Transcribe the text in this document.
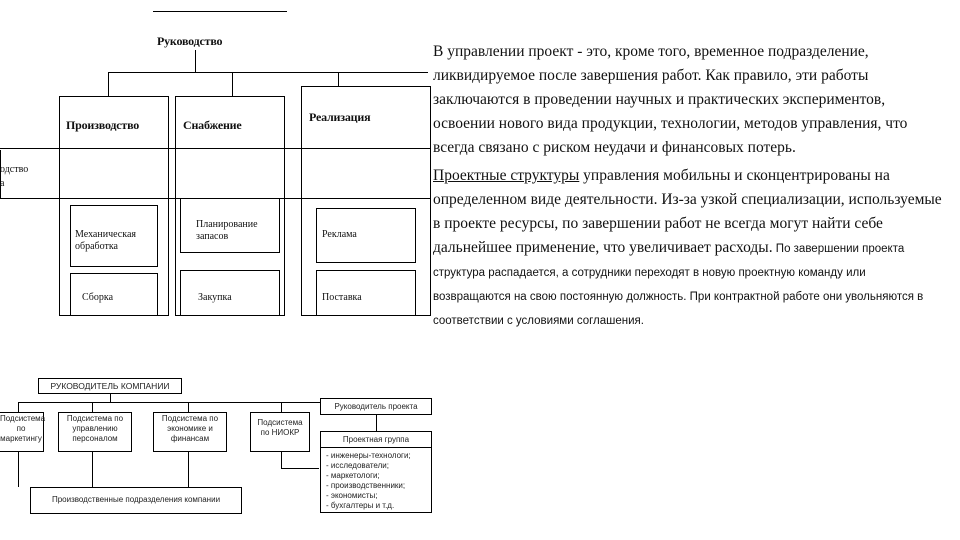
Руководство
Производство	Снабжение
Реализация
одство
а
Механическая обработка
Сборка
Планирование запасов
Закупка
Реклама
Поставка
РУКОВОДИТЕЛЬ КОМПАНИИ
Подсистема по маркетингу
Подсистема по управлению персоналом
Подсистема по экономике и финансам
Подсистема по НИОКР
Производственные подразделения компании
Руководитель проекта
Проектная группа
- инженеры-технологи;
- исследователи;
- маркетологи;
- производственники;
- экономисты;
- бухгалтеры и т.д.

В управлении проект - это, кроме того, временное подразделение, ликвидируемое после завершения работ. Как правило, эти работы заключаются в проведении научных и практических экспериментов, освоении нового вида продукции, технологии, методов управления, что всегда связано с риском неудачи и финансовых потерь.

Проектные структуры управления мобильны и сконцентрированы на определенном виде деятельности. Из-за узкой специализации, используемые в проекте ресурсы, по завершении работ не всегда могут найти себе дальнейшее применение, что увеличивает расходы. По завершении проекта структура распадается, а сотрудники переходят в новую проектную команду или возвращаются на свою постоянную должность. При контрактной работе они увольняются в соответствии с условиями соглашения.
